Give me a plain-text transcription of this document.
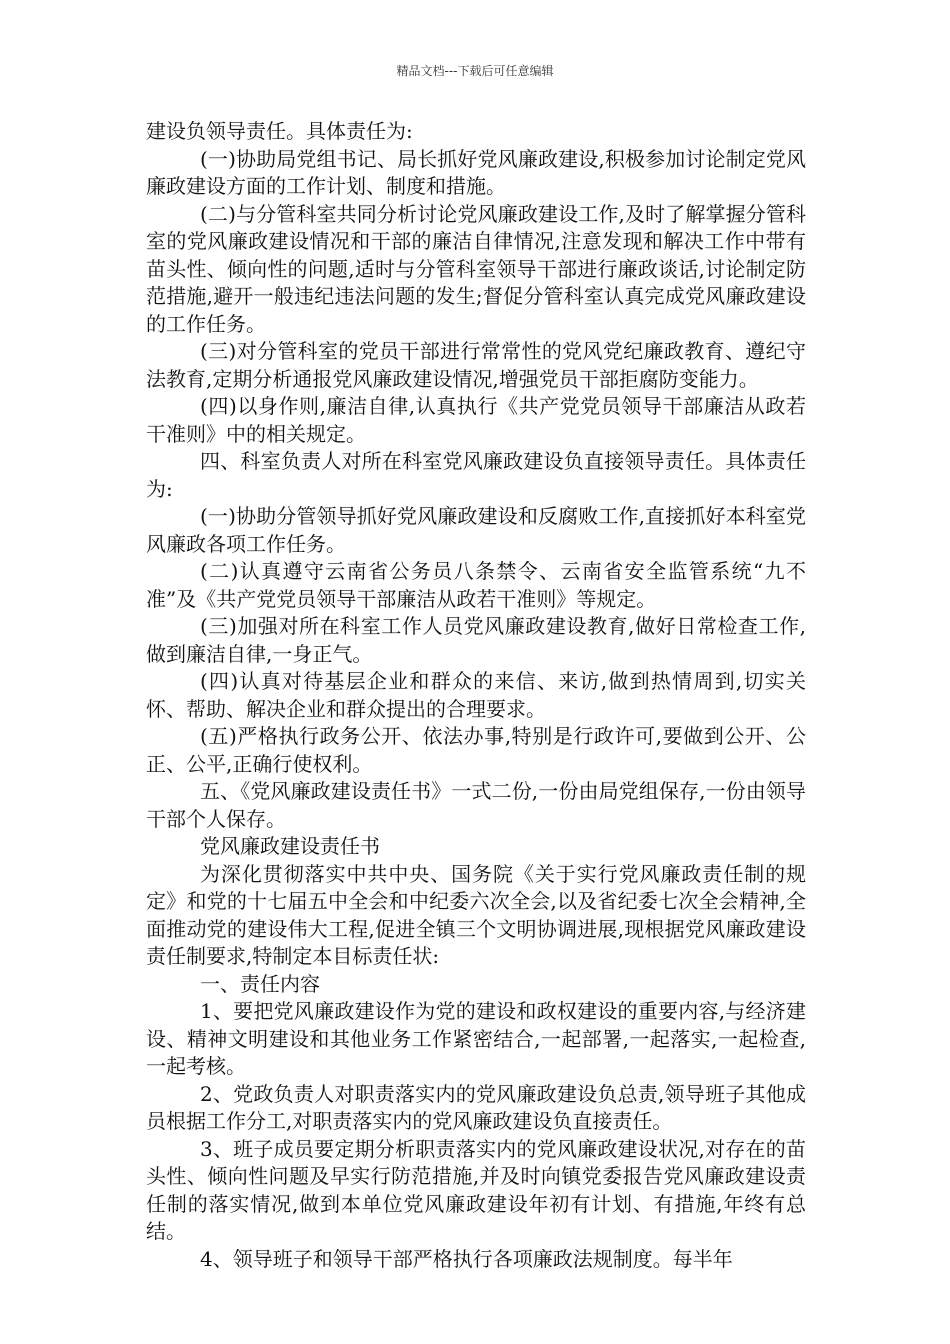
精品文档---下载后可任意编辑

建设负领导责任。具体责任为:

(一)协助局党组书记、局长抓好党风廉政建设,积极参加讨论制定党风廉政建设方面的工作计划、制度和措施。

(二)与分管科室共同分析讨论党风廉政建设工作,及时了解掌握分管科室的党风廉政建设情况和干部的廉洁自律情况,注意发现和解决工作中带有苗头性、倾向性的问题,适时与分管科室领导干部进行廉政谈话,讨论制定防范措施,避开一般违纪违法问题的发生;督促分管科室认真完成党风廉政建设的工作任务。

(三)对分管科室的党员干部进行常常性的党风党纪廉政教育、遵纪守法教育,定期分析通报党风廉政建设情况,增强党员干部拒腐防变能力。

(四)以身作则,廉洁自律,认真执行《共产党党员领导干部廉洁从政若干准则》中的相关规定。

四、科室负责人对所在科室党风廉政建设负直接领导责任。具体责任为:

(一)协助分管领导抓好党风廉政建设和反腐败工作,直接抓好本科室党风廉政各项工作任务。

(二)认真遵守云南省公务员八条禁令、云南省安全监管系统“九不准”及《共产党党员领导干部廉洁从政若干准则》等规定。

(三)加强对所在科室工作人员党风廉政建设教育,做好日常检查工作,做到廉洁自律,一身正气。

(四)认真对待基层企业和群众的来信、来访,做到热情周到,切实关怀、帮助、解决企业和群众提出的合理要求。

(五)严格执行政务公开、依法办事,特别是行政许可,要做到公开、公正、公平,正确行使权利。

五、《党风廉政建设责任书》一式二份,一份由局党组保存,一份由领导干部个人保存。

党风廉政建设责任书

为深化贯彻落实中共中央、国务院《关于实行党风廉政责任制的规定》和党的十七届五中全会和中纪委六次全会,以及省纪委七次全会精神,全面推动党的建设伟大工程,促进全镇三个文明协调进展,现根据党风廉政建设责任制要求,特制定本目标责任状:

一、责任内容

1、要把党风廉政建设作为党的建设和政权建设的重要内容,与经济建设、精神文明建设和其他业务工作紧密结合,一起部署,一起落实,一起检查,一起考核。

2、党政负责人对职责落实内的党风廉政建设负总责,领导班子其他成员根据工作分工,对职责落实内的党风廉政建设负直接责任。

3、班子成员要定期分析职责落实内的党风廉政建设状况,对存在的苗头性、倾向性问题及早实行防范措施,并及时向镇党委报告党风廉政建设责任制的落实情况,做到本单位党风廉政建设年初有计划、有措施,年终有总结。

4、领导班子和领导干部严格执行各项廉政法规制度。每半年
